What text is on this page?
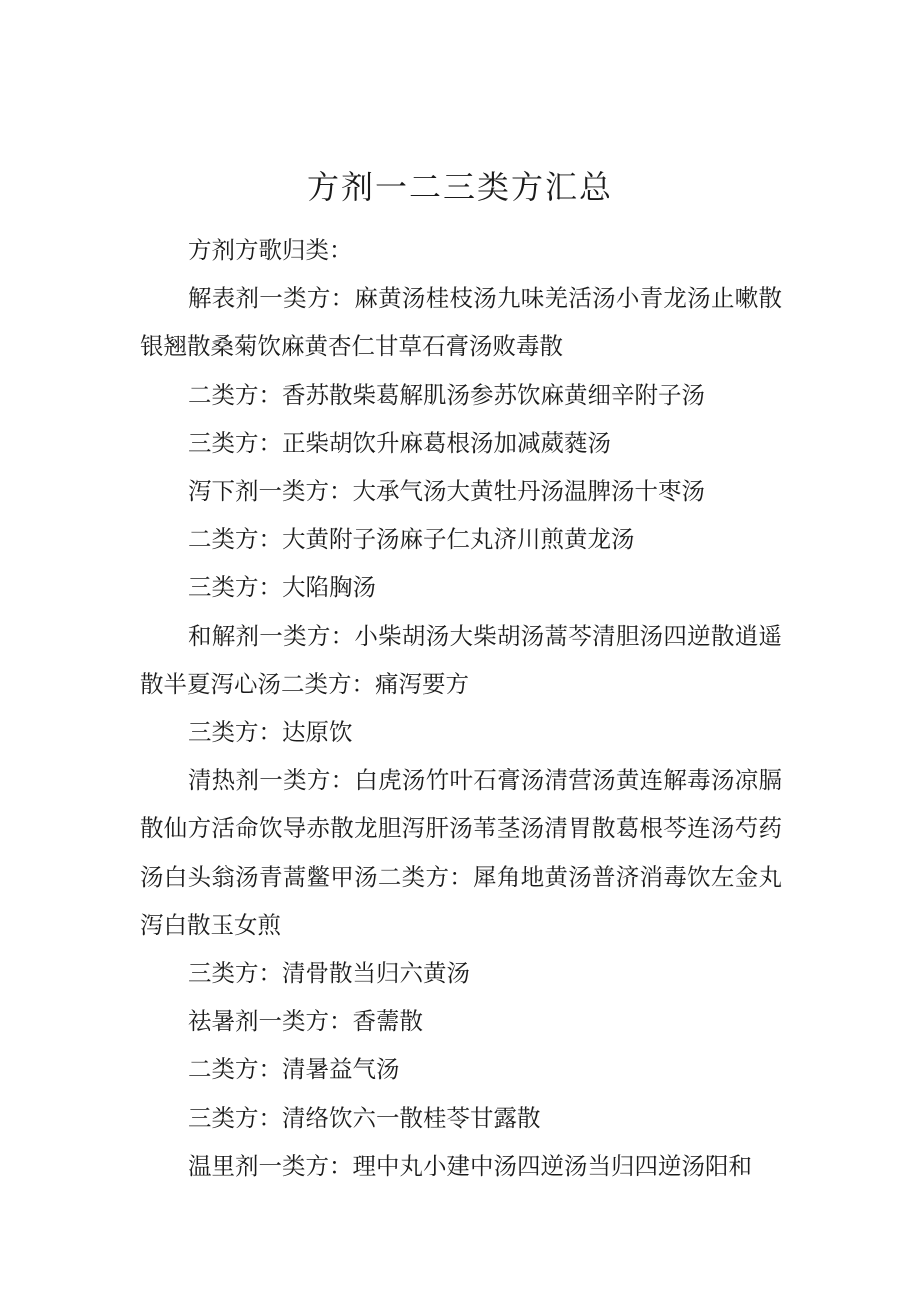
方剂一二三类方汇总

方剂方歌归类：

解表剂一类方：麻黄汤桂枝汤九味羌活汤小青龙汤止嗽散银翘散桑菊饮麻黄杏仁甘草石膏汤败毒散

二类方：香苏散柴葛解肌汤参苏饮麻黄细辛附子汤

三类方：正柴胡饮升麻葛根汤加减葳蕤汤

泻下剂一类方：大承气汤大黄牡丹汤温脾汤十枣汤

二类方：大黄附子汤麻子仁丸济川煎黄龙汤

三类方：大陷胸汤

和解剂一类方：小柴胡汤大柴胡汤蒿芩清胆汤四逆散逍遥散半夏泻心汤二类方：痛泻要方

三类方：达原饮

清热剂一类方：白虎汤竹叶石膏汤清营汤黄连解毒汤凉膈散仙方活命饮导赤散龙胆泻肝汤苇茎汤清胃散葛根芩连汤芍药汤白头翁汤青蒿鳖甲汤二类方：犀角地黄汤普济消毒饮左金丸泻白散玉女煎

三类方：清骨散当归六黄汤

祛暑剂一类方：香薷散

二类方：清暑益气汤

三类方：清络饮六一散桂苓甘露散

温里剂一类方：理中丸小建中汤四逆汤当归四逆汤阳和
